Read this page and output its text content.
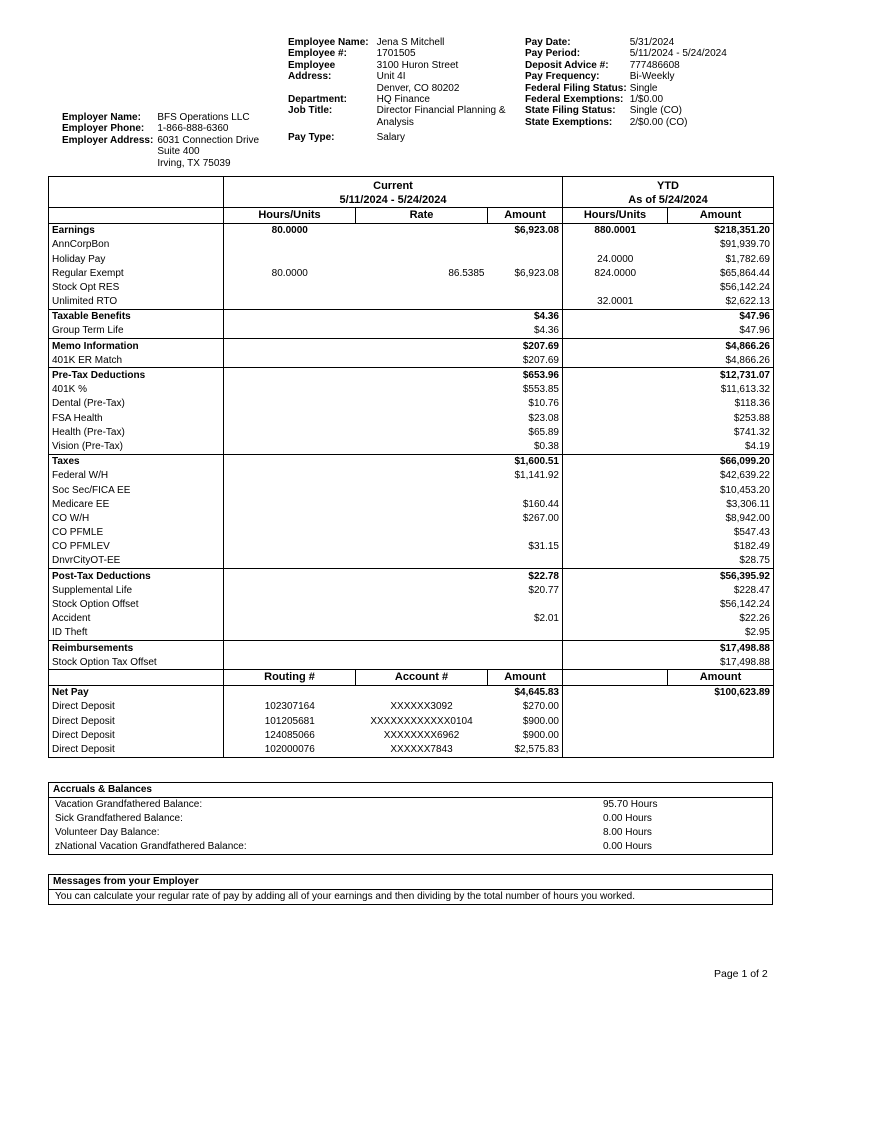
Employee Name: Jena S Mitchell
Employee #:	1701505
Employee
Address:
3100 Huron Street
Unit 4I
Denver, CO 80202
Department:	HQ Finance
Job Title:	Director Financial Planning &
Analysis
Pay Type:	Salary
Pay Date:	5/31/2024
Pay Period:	5/11/2024 - 5/24/2024
Deposit Advice #:	777486608
Pay Frequency:	Bi-Weekly
Federal Filing Status: Single
Federal Exemptions: 1/$0.00
State Filing Status:	Single (CO)
State Exemptions:	2/$0.00 (CO)
Employer Name:	BFS Operations LLC
Employer Phone:	1-866-888-6360
Employer Address: 6031 Connection Drive
Suite 400
Irving, TX 75039
	Current			YTD	
	5/11/2024 - 5/24/2024			As of 5/24/2024	
	Hours/Units	Rate	Amount	Hours/Units	Amount
Earnings	80.0000		$6,923.08	880.0001	$218,351.20
AnnCorpBon					$91,939.70
Holiday Pay				24.0000	$1,782.69
Regular Exempt	80.0000	86.5385	$6,923.08	824.0000	$65,864.44
Stock Opt RES					$56,142.24
Unlimited RTO				32.0001	$2,622.13
Taxable Benefits			$4.36		$47.96
Group Term Life			$4.36		$47.96
Memo Information			$207.69		$4,866.26
401K ER Match			$207.69		$4,866.26
Pre-Tax Deductions			$653.96		$12,731.07
401K %			$553.85		$11,613.32
Dental (Pre-Tax)			$10.76		$118.36
FSA Health			$23.08		$253.88
Health (Pre-Tax)			$65.89		$741.32
Vision (Pre-Tax)			$0.38		$4.19
Taxes			$1,600.51		$66,099.20
Federal W/H			$1,141.92		$42,639.22
Soc Sec/FICA EE					$10,453.20
Medicare EE			$160.44		$3,306.11
CO W/H			$267.00		$8,942.00
CO PFMLE					$547.43
CO PFMLEV			$31.15		$182.49
DnvrCityOT-EE					$28.75
Post-Tax Deductions			$22.78		$56,395.92
Supplemental Life			$20.77		$228.47
Stock Option Offset					$56,142.24
Accident			$2.01		$22.26
ID Theft					$2.95
Reimbursements					$17,498.88
Stock Option Tax Offset					$17,498.88
	Routing #	Account #	Amount		Amount
Net Pay			$4,645.83		$100,623.89
Direct Deposit	102307164	XXXXXX3092	$270.00		
Direct Deposit	101205681	XXXXXXXXXXXX0104	$900.00		
Direct Deposit	124085066	XXXXXXXX6962	$900.00		
Direct Deposit	102000076	XXXXXX7843	$2,575.83		
Accruals & Balances	
Vacation Grandfathered Balance:	95.70 Hours
Sick Grandfathered Balance:	0.00 Hours
Volunteer Day Balance:	8.00 Hours
zNational Vacation Grandfathered Balance:	0.00 Hours
Messages from your Employer
You can calculate your regular rate of pay by adding all of your earnings and then dividing by the total number of hours you worked.
Page 1 of 2
